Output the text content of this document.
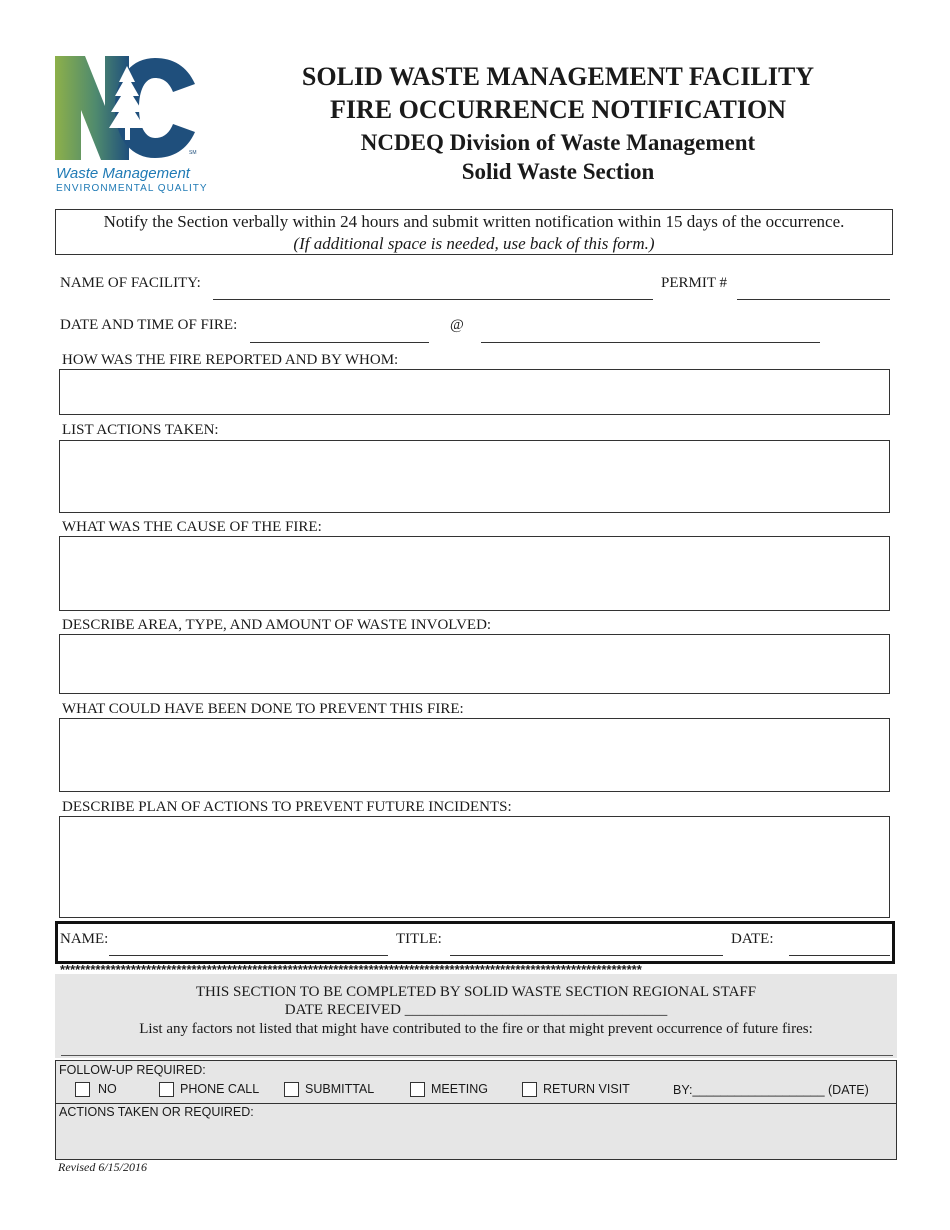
SM
Waste Management
ENVIRONMENTAL QUALITY
SOLID WASTE MANAGEMENT FACILITY
FIRE OCCURRENCE NOTIFICATION
NCDEQ Division of Waste Management
Solid Waste Section
Notify the Section verbally within 24 hours and submit written notification within 15 days of the occurrence.
(If additional space is needed, use back of this form.)
NAME OF FACILITY:	PERMIT #
DATE AND TIME OF FIRE:	@
HOW WAS THE FIRE REPORTED AND BY WHOM:
LIST ACTIONS TAKEN:
WHAT WAS THE CAUSE OF THE FIRE:
DESCRIBE AREA, TYPE, AND AMOUNT OF WASTE INVOLVED:
WHAT COULD HAVE BEEN DONE TO PREVENT THIS FIRE:
DESCRIBE PLAN OF ACTIONS TO PREVENT FUTURE INCIDENTS:
NAME:	TITLE:	DATE:
THIS SECTION TO BE COMPLETED BY SOLID WASTE SECTION REGIONAL STAFF
DATE RECEIVED ___________________________________
List any factors not listed that might have contributed to the fire or that might prevent occurrence of future fires:
*******************************************************************************************************************
FOLLOW-UP REQUIRED:
NO	PHONE CALL	SUBMITTAL	MEETING	RETURN VISIT	BY:___________________ (DATE)
ACTIONS TAKEN OR REQUIRED:
Revised 6/15/2016
